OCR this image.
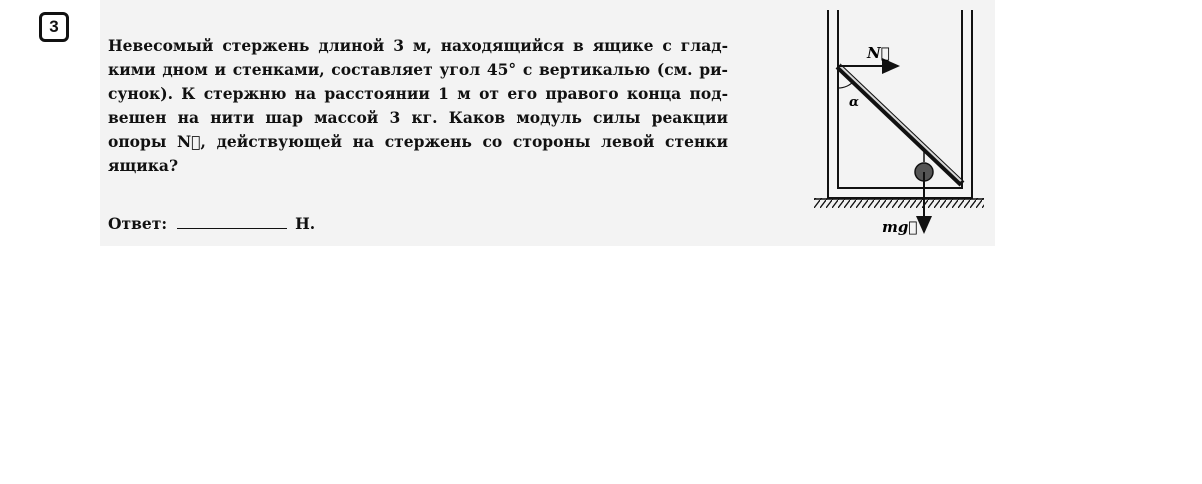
3
Невесомый стержень длиной 3 м, находящийся в ящике с глад-
кими дном и стенками, составляет угол 45° с вертикалью (см. ри-
сунок). К стержню на расстоянии 1 м от его правого конца под-
вешен на нити шар массой 3 кг. Каков модуль силы реакции
опоры N⃗, действующей на стержень со стороны левой стенки
ящика?
Ответ:	Н.
α
N⃗
mg⃗
